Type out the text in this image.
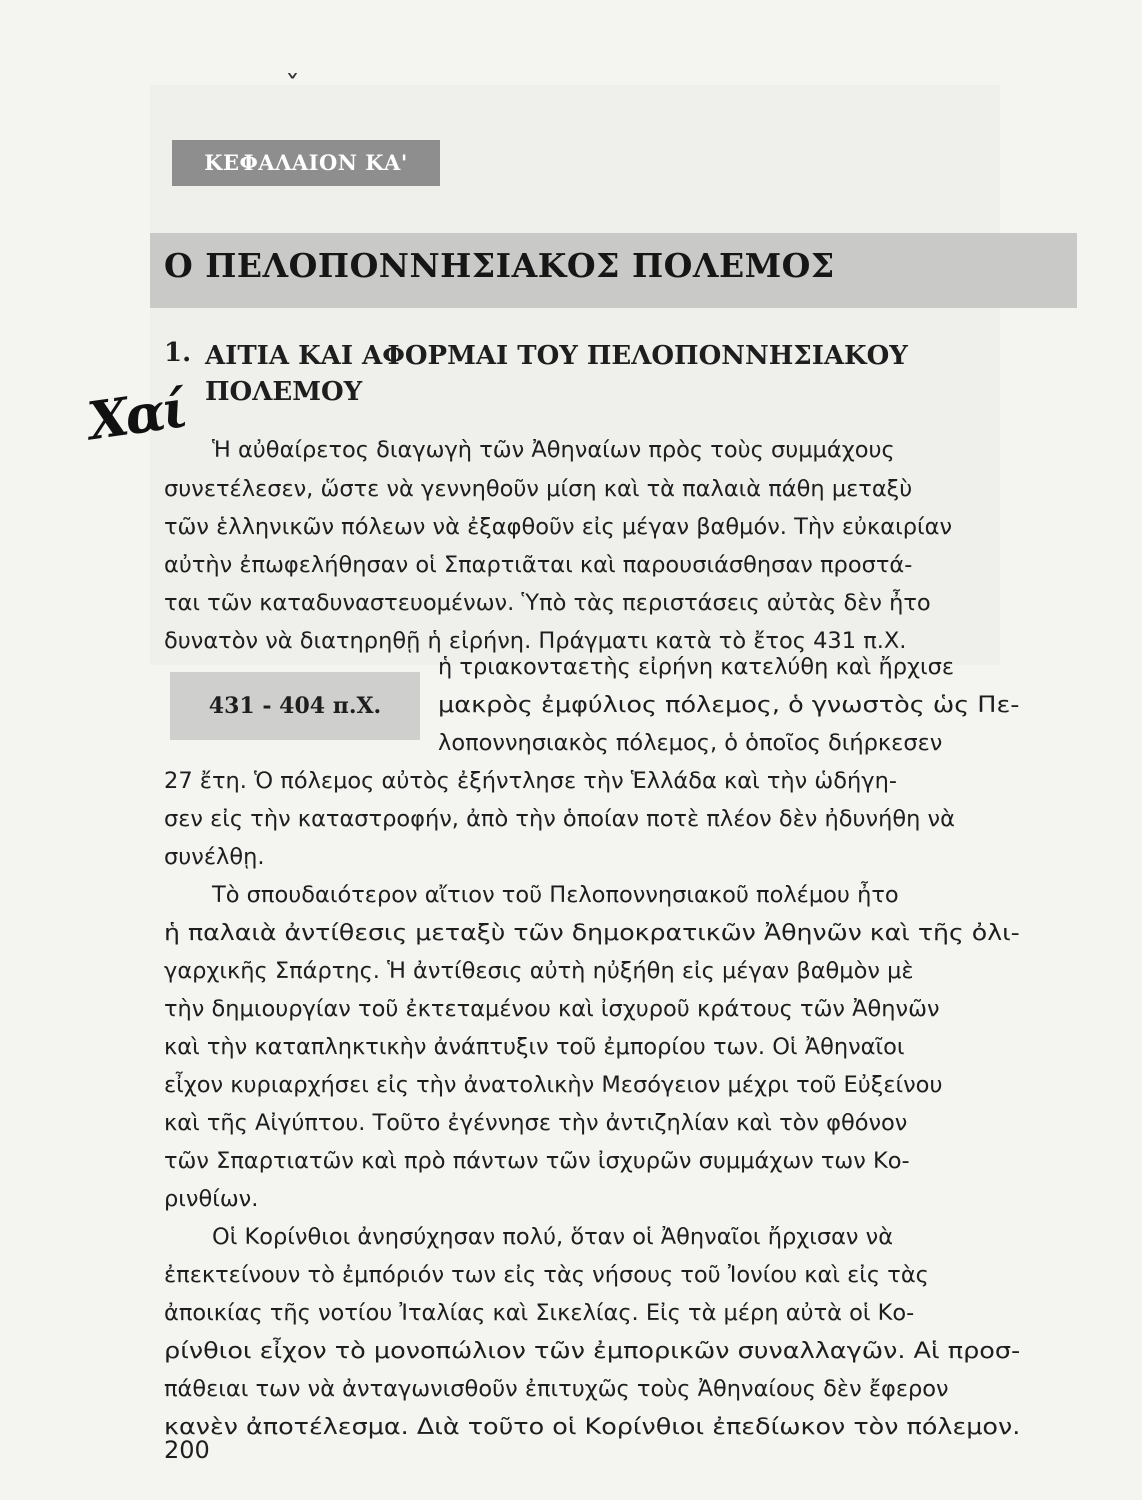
ˇ
ΚΕΦΑΛΑΙΟΝ ΚΑ'
Ο ΠΕΛΟΠΟΝΝΗΣΙΑΚΟΣ ΠΟΛΕΜΟΣ
1. ΑΙΤΙΑ ΚΑΙ ΑΦΟΡΜΑΙ ΤΟΥ ΠΕΛΟΠΟΝΝΗΣΙΑΚΟΥ
ΠΟΛΕΜΟΥ
Χαί
431 - 404 π.Χ.
Ἡ αὐθαίρετος διαγωγὴ τῶν Ἀθηναίων πρὸς τοὺς συμμάχους
συνετέλεσεν, ὥστε νὰ γεννηθοῦν μίση καὶ τὰ παλαιὰ πάθη μεταξὺ
τῶν ἑλληνικῶν πόλεων νὰ ἐξαφθοῦν εἰς μέγαν βαθμόν. Τὴν εὐκαιρίαν
αὐτὴν ἐπωφελήθησαν οἱ Σπαρτιᾶται καὶ παρουσιάσθησαν προστά-
ται τῶν καταδυναστευομένων. Ὑπὸ τὰς περιστάσεις αὐτὰς δὲν ἦτο
δυνατὸν νὰ διατηρηθῇ ἡ εἰρήνη. Πράγματι κατὰ τὸ ἔτος 431 π.Χ.
ἡ τριακονταετὴς εἰρήνη κατελύθη καὶ ἤρχισε
μακρὸς ἐμφύλιος πόλεμος, ὁ γνωστὸς ὡς Πε-
λοποννησιακὸς πόλεμος, ὁ ὁποῖος διήρκεσεν
27 ἔτη. Ὁ πόλεμος αὐτὸς ἐξήντλησε τὴν Ἑλλάδα καὶ τὴν ὡδήγη-
σεν εἰς τὴν καταστροφήν, ἀπὸ τὴν ὁποίαν ποτὲ πλέον δὲν ἠδυνήθη νὰ
συνέλθῃ.
Τὸ σπουδαιότερον αἴτιον τοῦ Πελοποννησιακοῦ πολέμου ἦτο
ἡ παλαιὰ ἀντίθεσις μεταξὺ τῶν δημοκρατικῶν Ἀθηνῶν καὶ τῆς ὀλι-
γαρχικῆς Σπάρτης. Ἡ ἀντίθεσις αὐτὴ ηὐξήθη εἰς μέγαν βαθμὸν μὲ
τὴν δημιουργίαν τοῦ ἐκτεταμένου καὶ ἰσχυροῦ κράτους τῶν Ἀθηνῶν
καὶ τὴν καταπληκτικὴν ἀνάπτυξιν τοῦ ἐμπορίου των. Οἱ Ἀθηναῖοι
εἶχον κυριαρχήσει εἰς τὴν ἀνατολικὴν Μεσόγειον μέχρι τοῦ Εὐξείνου
καὶ τῆς Αἰγύπτου. Τοῦτο ἐγέννησε τὴν ἀντιζηλίαν καὶ τὸν φθόνον
τῶν Σπαρτιατῶν καὶ πρὸ πάντων τῶν ἰσχυρῶν συμμάχων των Κο-
ρινθίων.
Οἱ Κορίνθιοι ἀνησύχησαν πολύ, ὅταν οἱ Ἀθηναῖοι ἤρχισαν νὰ
ἐπεκτείνουν τὸ ἐμπόριόν των εἰς τὰς νήσους τοῦ Ἰονίου καὶ εἰς τὰς
ἀποικίας τῆς νοτίου Ἰταλίας καὶ Σικελίας. Εἰς τὰ μέρη αὐτὰ οἱ Κο-
ρίνθιοι εἶχον τὸ μονοπώλιον τῶν ἐμπορικῶν συναλλαγῶν. Αἱ προσ-
πάθειαι των νὰ ἀνταγωνισθοῦν ἐπιτυχῶς τοὺς Ἀθηναίους δὲν ἔφερον
κανὲν ἀποτέλεσμα. Διὰ τοῦτο οἱ Κορίνθιοι ἐπεδίωκον τὸν πόλεμον.
200
